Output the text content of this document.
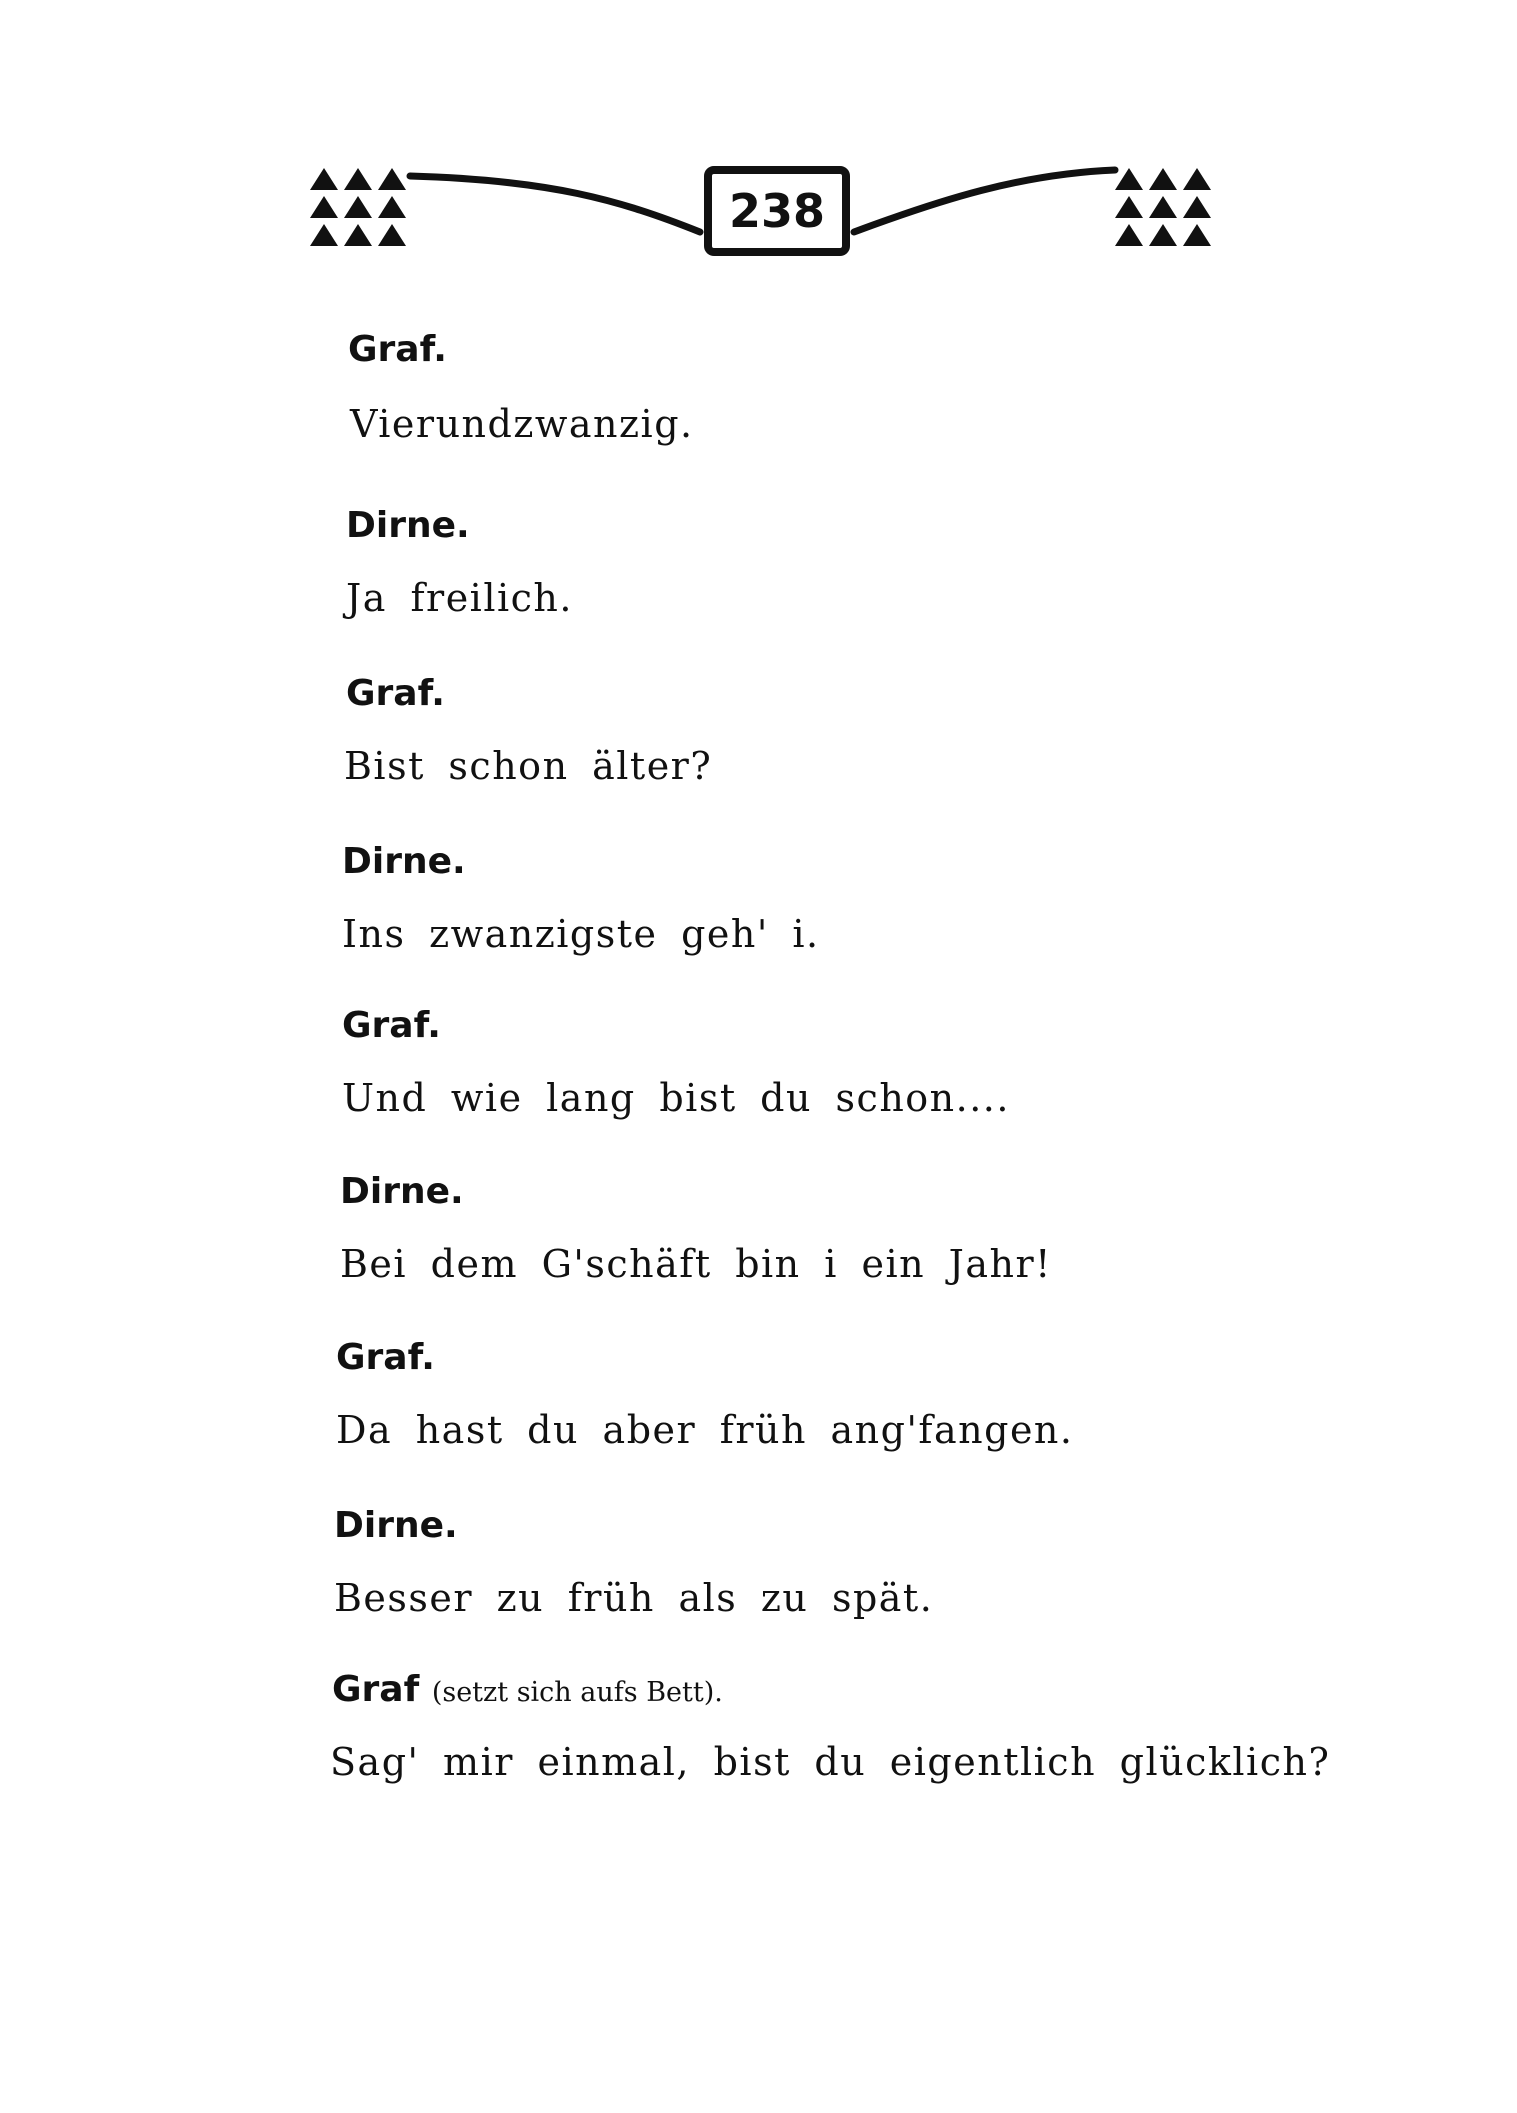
238
Graf.
Vierundzwanzig.
Dirne.
Ja freilich.
Graf.
Bist schon älter?
Dirne.
Ins zwanzigste geh' i.
Graf.
Und wie lang bist du schon....
Dirne.
Bei dem G'schäft bin i ein Jahr!
Graf.
Da hast du aber früh ang'fangen.
Dirne.
Besser zu früh als zu spät.
Graf (setzt sich aufs Bett).
Sag' mir einmal, bist du eigentlich glücklich?
